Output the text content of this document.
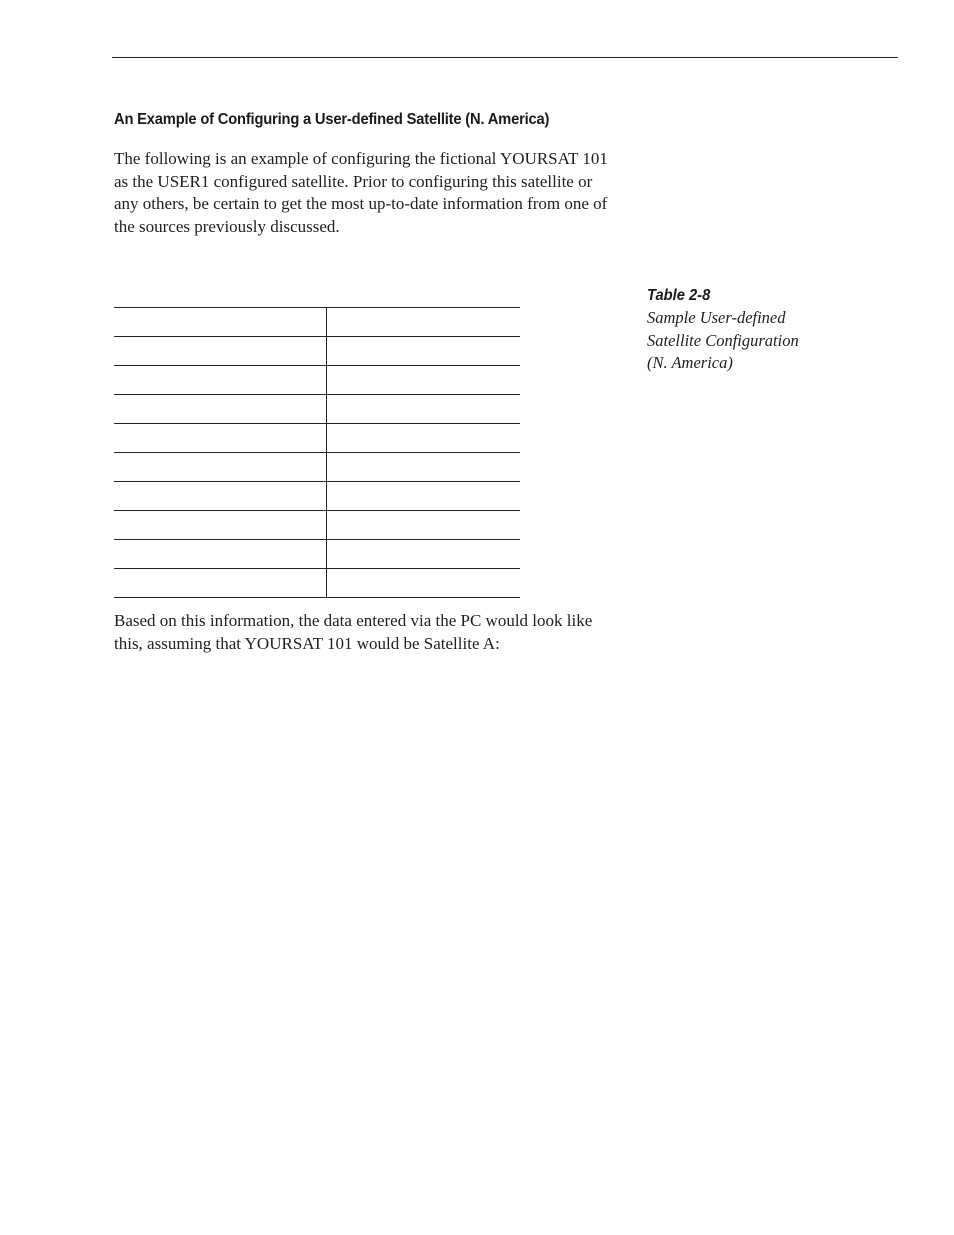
An Example of Configuring a User-defined Satellite (N. America)

The following is an example of configuring the fictional YOURSAT 101 as the USER1 configured satellite. Prior to configuring this satellite or any others, be certain to get the most up-to-date information from one of the sources previously discussed.

Table 2-8
Sample User-defined
Satellite Configuration
(N. America)

Based on this information, the data entered via the PC would look like this, assuming that YOURSAT 101 would be Satellite A:
